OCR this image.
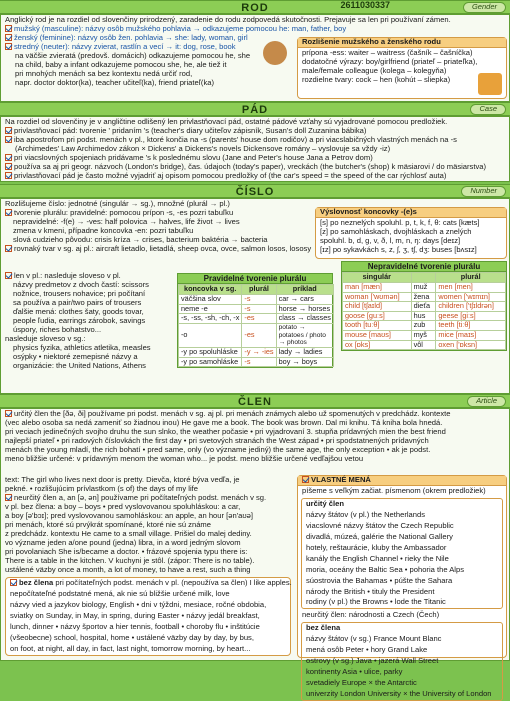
ROD	2611030337	Gender
Anglický rod je na rozdiel od slovenčiny prirodzený, zaradenie do rodu zodpovedá skutočnosti. Prejavuje sa len pri používaní zámen.
mužský (masculine): názvy osôb mužského pohlavia → odkazujeme pomocou he: man, father, boy
ženský (feminine): názvy osôb žen. pohlavia → she: lady, woman, girl
stredný (neuter): názvy zvierat, rastlín a vecí → it: dog, rose, book
na väčšie zvieratá (predovš. domácich) odkazujeme pomocou he, she
na child, baby a infant odkazujeme pomocou she, he, ale tiež it
pri mnohých menách sa bez kontextu nedá určiť rod,
napr. doctor doktor(ka), teacher učiteľ(ka), friend priateľ(ka)
Rozlišenie mužského a ženského rodu
prípona -ess: waiter – waitress (čašník – čašníčka)
dodatočné výrazy: boy/girlfriend (priateľ – priateľka),
male/female colleague (kolega – kolegyňa)
rozdielne tvary: cock – hen (kohút – sliepka)
PÁD	Case
Na rozdiel od slovenčiny je v angličtine odlišený len privlastňovací pád, ostatné pádové vzťahy sú vyjadrované pomocou predložiek.
privlastňovací pád: tvorenie ' pridaním 's (teacher's diary učiteľov zápisník, Susan's doll Zuzanina bábika)
iba apostrofom pri podst. menách v pl., ktoré končia na -s (parents' house dom rodičov) a pri viacslabičných vlastných menách na -s
(Archimedes' Law Archimedov zákon × Dickens' a Dickens's novels Dickensove romány – vyslovuje sa vždy -iz)
pri viacslovných spojeniach pridávame 's k poslednému slovu (Jane and Peter's house Jana a Petrov dom)
používa sa aj pri geogr. názvoch (London's bridge), čas. údajoch (today's paper), vreckách (the butcher's (shop) k mäsiarovi / do mäsiarstva)
privlastňovací pád je často možné vyjadriť aj opisom pomocou predložky of (the car's speed = the speed of the car rýchlosť auta)
ČÍSLO	Number
Rozlišujeme číslo: jednotné (singulár → sg.), množné (plurál → pl.)
tvorenie plurálu: pravidelné: pomocou prípon -s, -es pozri tabuľku
nepravidelné: -f(e) → -ves: half polovica → halves, life život → lives
zmena v kmeni, případne koncovka -en: pozri tabuľku
slová cudzieho pôvodu: crisis kríza → crises, bacterium baktéria → bacteria
rovnaký tvar v sg. aj pl.: aircraft lietadlo, lietadlá, sheep ovca, ovce, salmon losos, lososy
len v pl.: nasleduje sloveso v pl.
názvy predmetov z dvoch častí: scissors
nožnice, trousers nohavice; pri počítaní
sa používa a pair/two pairs of trousers
ďalšie mená: clothes šaty, goods tovar,
people ľudia, earrings zárobok, savings
úspory, riches bohatstvo...
nasleduje sloveso v sg.:
physics fyzika, athletics atletika, measles
osýpky • niektoré zemepisné názvy a
organizácie: the United Nations, Athens
Výslovnosť koncovky -(e)s
[s] po neznelých spoluhl. p, t, k, f, θ: cats [kæts]
[z] po samohláskach, dvojhláskach a znelých
spoluhl. b, d, g, v, ð, l, m, n, ŋ: days [deɪz]
[ɪz] po sykavkách s, z, ʃ, ʒ, tʃ, dʒ: buses [bʌsɪz]
Pravidelné tvorenie plurálu
koncovka v sg.	plurál	príklad
väčšina slov	-s	car → cars
neme -e	-s	horse → horses
-s, -ss, -sh, -ch, -x	-es	class → classes
-o	-es	potato → potatoes / photo → photos
-y po spoluhláske	-y → -ies	lady → ladies
-y po samohláske	-s	boy → boys
Nepravidelné tvorenie plurálu
singulár		plurál
man [mæn]	muž	men [men]
woman ['wʊmən]	žena	women ['wɪmɪn]
child [tʃaɪld]	dieťa	children ['tʃɪldrən]
goose [guːs]	hus	geese [giːs]
tooth [tuːθ]	zub	teeth [tiːθ]
mouse [maʊs]	myš	mice [maɪs]
ox [ɒks]	vôl	oxen ['ɒksn]
ČLEN	Article
určitý člen the [ðə, ði] používame pri podst. menách v sg. aj pl. pri menách známych alebo už spomenutých v predchádz. kontexte
(vec alebo osoba sa nedá zameniť so žiadnou inou) He gave me a book. The book was brown. Dal mi knihu. Tá kniha bola hnedá.
pri veciach jedinečných svojho druhu the sun slnko, the weather počasie • pri vyjadrovaní 3. stupňa prídavných mien the best friend
najlepší priateľ • pri radových číslovkách the first day • pri svetových stranách the West západ • pri spodstatnených prídavných
menách the young mladí, the rich bohatí • pred same, only (vo význame jediný) the same age, the only exception • ak je podst.
meno bližšie určené: v prídavným menom the woman who... je podst. meno bližšie určené vedľajšou vetou
text: The girl who lives next door is pretty. Dievča, ktoré býva vedľa, je
pekné. • rozlišujúcim prívlastkom (s of) the days of my life
neurčitý člen a, an [ə, ən] používame pri počítateľných podst. menách v sg.
v pl. bez člena: a boy – boys • pred vyslovovanou spoluhláskou: a car,
a boy [ə'bɔɪ]; pred vyslovovanou samohláskou: an apple, an hour [ən'aʊə]
pri menách, ktoré sú prvýkrát spomínané, ktoré nie sú známe
z predchádz. kontextu He came to a small village. Prišiel do malej dediny.
vo význame jeden a/one pound (jedna) libra, in a word jedným slovom
pri povolaniach She is/became a doctor. • frázové spojenia typu there is:
There is a table in the kitchen. V kuchyni je stôl. (zápor: There is no table).
ustálené väzby once a month, a lot of money, to have a rest, such a thing
bez člena pri počítateľných podst. menách v pl. (nepoužíva sa člen) I like apples.
nepočítateľné podstatné mená, ak nie sú bližšie určené milk, love
názvy vied a jazykov biology, English • dni v týždni, mesiace, ročné obdobia,
sviatky on Sunday, in May, in spring, during Easter • názvy jedál breakfast,
lunch, dinner • názvy športov a hier tennis, football • choroby flu • inštitúcie
(všeobecne) school, hospital, home • ustálené väzby day by day, by bus,
on foot, at night, all day, in fact, last night, tomorrow morning, by heart...
VLASTNÉ MENÁ
píšeme s veľkým začiat. písmenom (okrem predložiek)
určitý člen
názvy štátov (v pl.) the Netherlands
viacslovné názvy štátov the Czech Republic
divadlá, múzeá, galérie the National Gallery
hotely, reštaurácie, kluby the Ambassador
kanály the English Channel • rieky the Nile
moria, oceány the Baltic Sea • pohoria the Alps
súostrovia the Bahamas • púšte the Sahara
národy the British • tituly the President
rodiny (v pl.) the Browns • lode the Titanic
neurčitý člen: národnosti a Czech (Čech)
bez člena
názvy štátov (v sg.) France Mount Blanc
mená osôb Peter • hory Grand Lake
ostrovy (v sg.) Java • jazerá Wall Street
kontinenty Asia • ulice, parky
svetadiely Europe × the Antarctic
univerzity London University × the University of London
